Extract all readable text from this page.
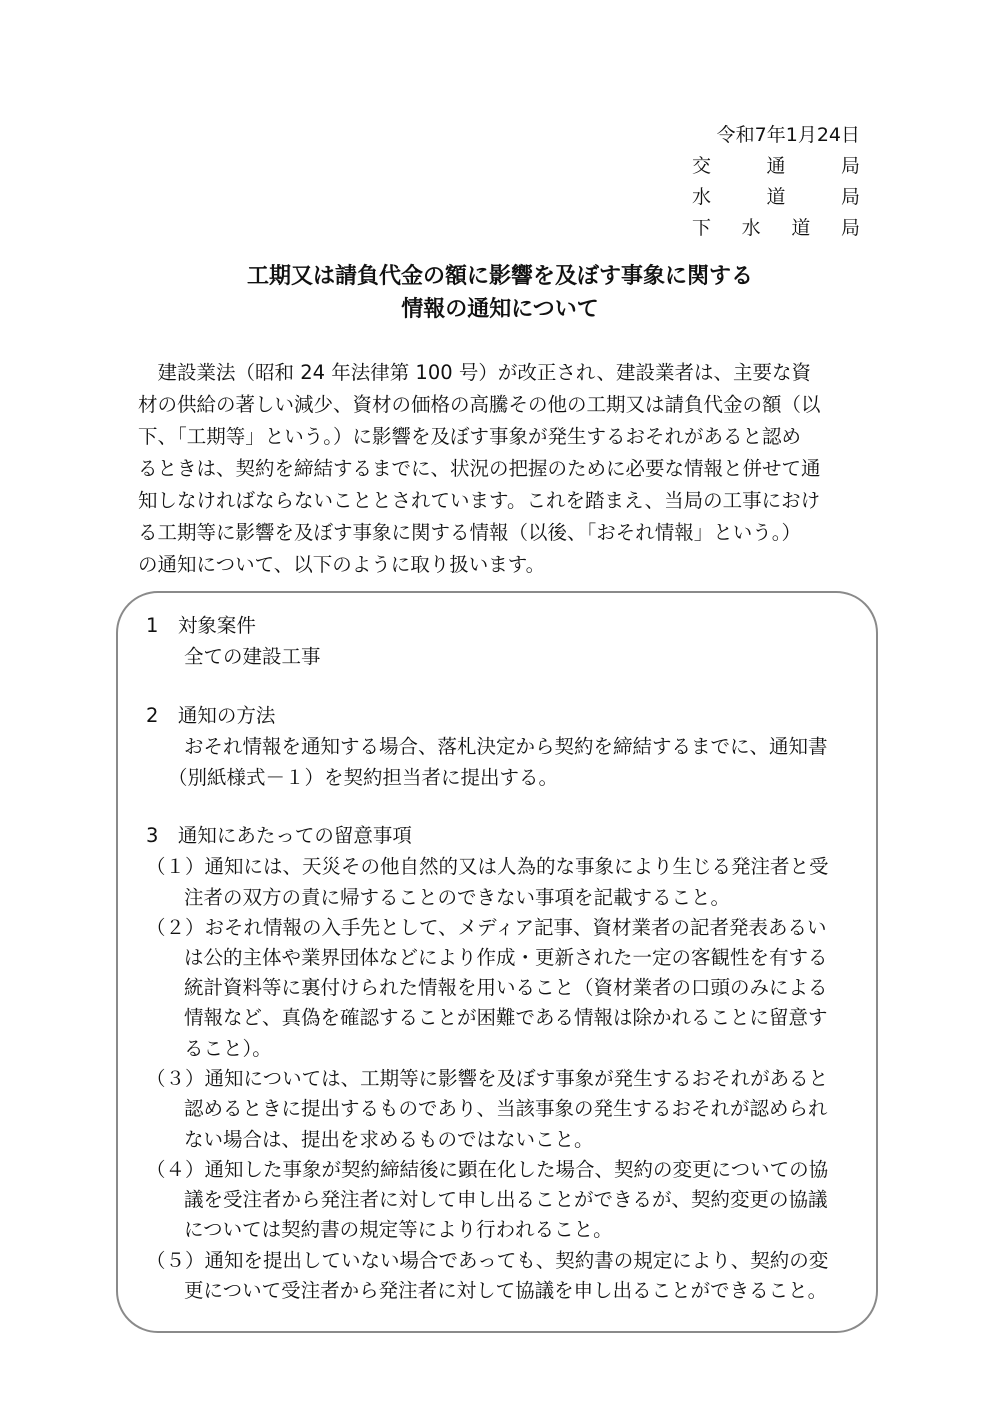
令和7年1月24日
交	通	局
水	道	局
下 水 道 局
工期又は請負代金の額に影響を及ぼす事象に関する
情報の通知について
　建設業法（昭和 24 年法律第 100 号）が改正され、建設業者は、主要な資
材の供給の著しい減少、資材の価格の高騰その他の工期又は請負代金の額（以
下、「工期等」という。）に影響を及ぼす事象が発生するおそれがあると認め
るときは、契約を締結するまでに、状況の把握のために必要な情報と併せて通
知しなければならないこととされています。これを踏まえ、当局の工事におけ
る工期等に影響を及ぼす事象に関する情報（以後、「おそれ情報」という。）
の通知について、以下のように取り扱います。
1　対象案件
全ての建設工事
2　通知の方法
おそれ情報を通知する場合、落札決定から契約を締結するまでに、通知書
（別紙様式－１）を契約担当者に提出する。
3　通知にあたっての留意事項
（１）通知には、天災その他自然的又は人為的な事象により生じる発注者と受
注者の双方の責に帰することのできない事項を記載すること。
（２）おそれ情報の入手先として、メディア記事、資材業者の記者発表あるい
は公的主体や業界団体などにより作成・更新された一定の客観性を有する
統計資料等に裏付けられた情報を用いること（資材業者の口頭のみによる
情報など、真偽を確認することが困難である情報は除かれることに留意す
ること）。
（３）通知については、工期等に影響を及ぼす事象が発生するおそれがあると
認めるときに提出するものであり、当該事象の発生するおそれが認められ
ない場合は、提出を求めるものではないこと。
（４）通知した事象が契約締結後に顕在化した場合、契約の変更についての協
議を受注者から発注者に対して申し出ることができるが、契約変更の協議
については契約書の規定等により行われること。
（５）通知を提出していない場合であっても、契約書の規定により、契約の変
更について受注者から発注者に対して協議を申し出ることができること。
